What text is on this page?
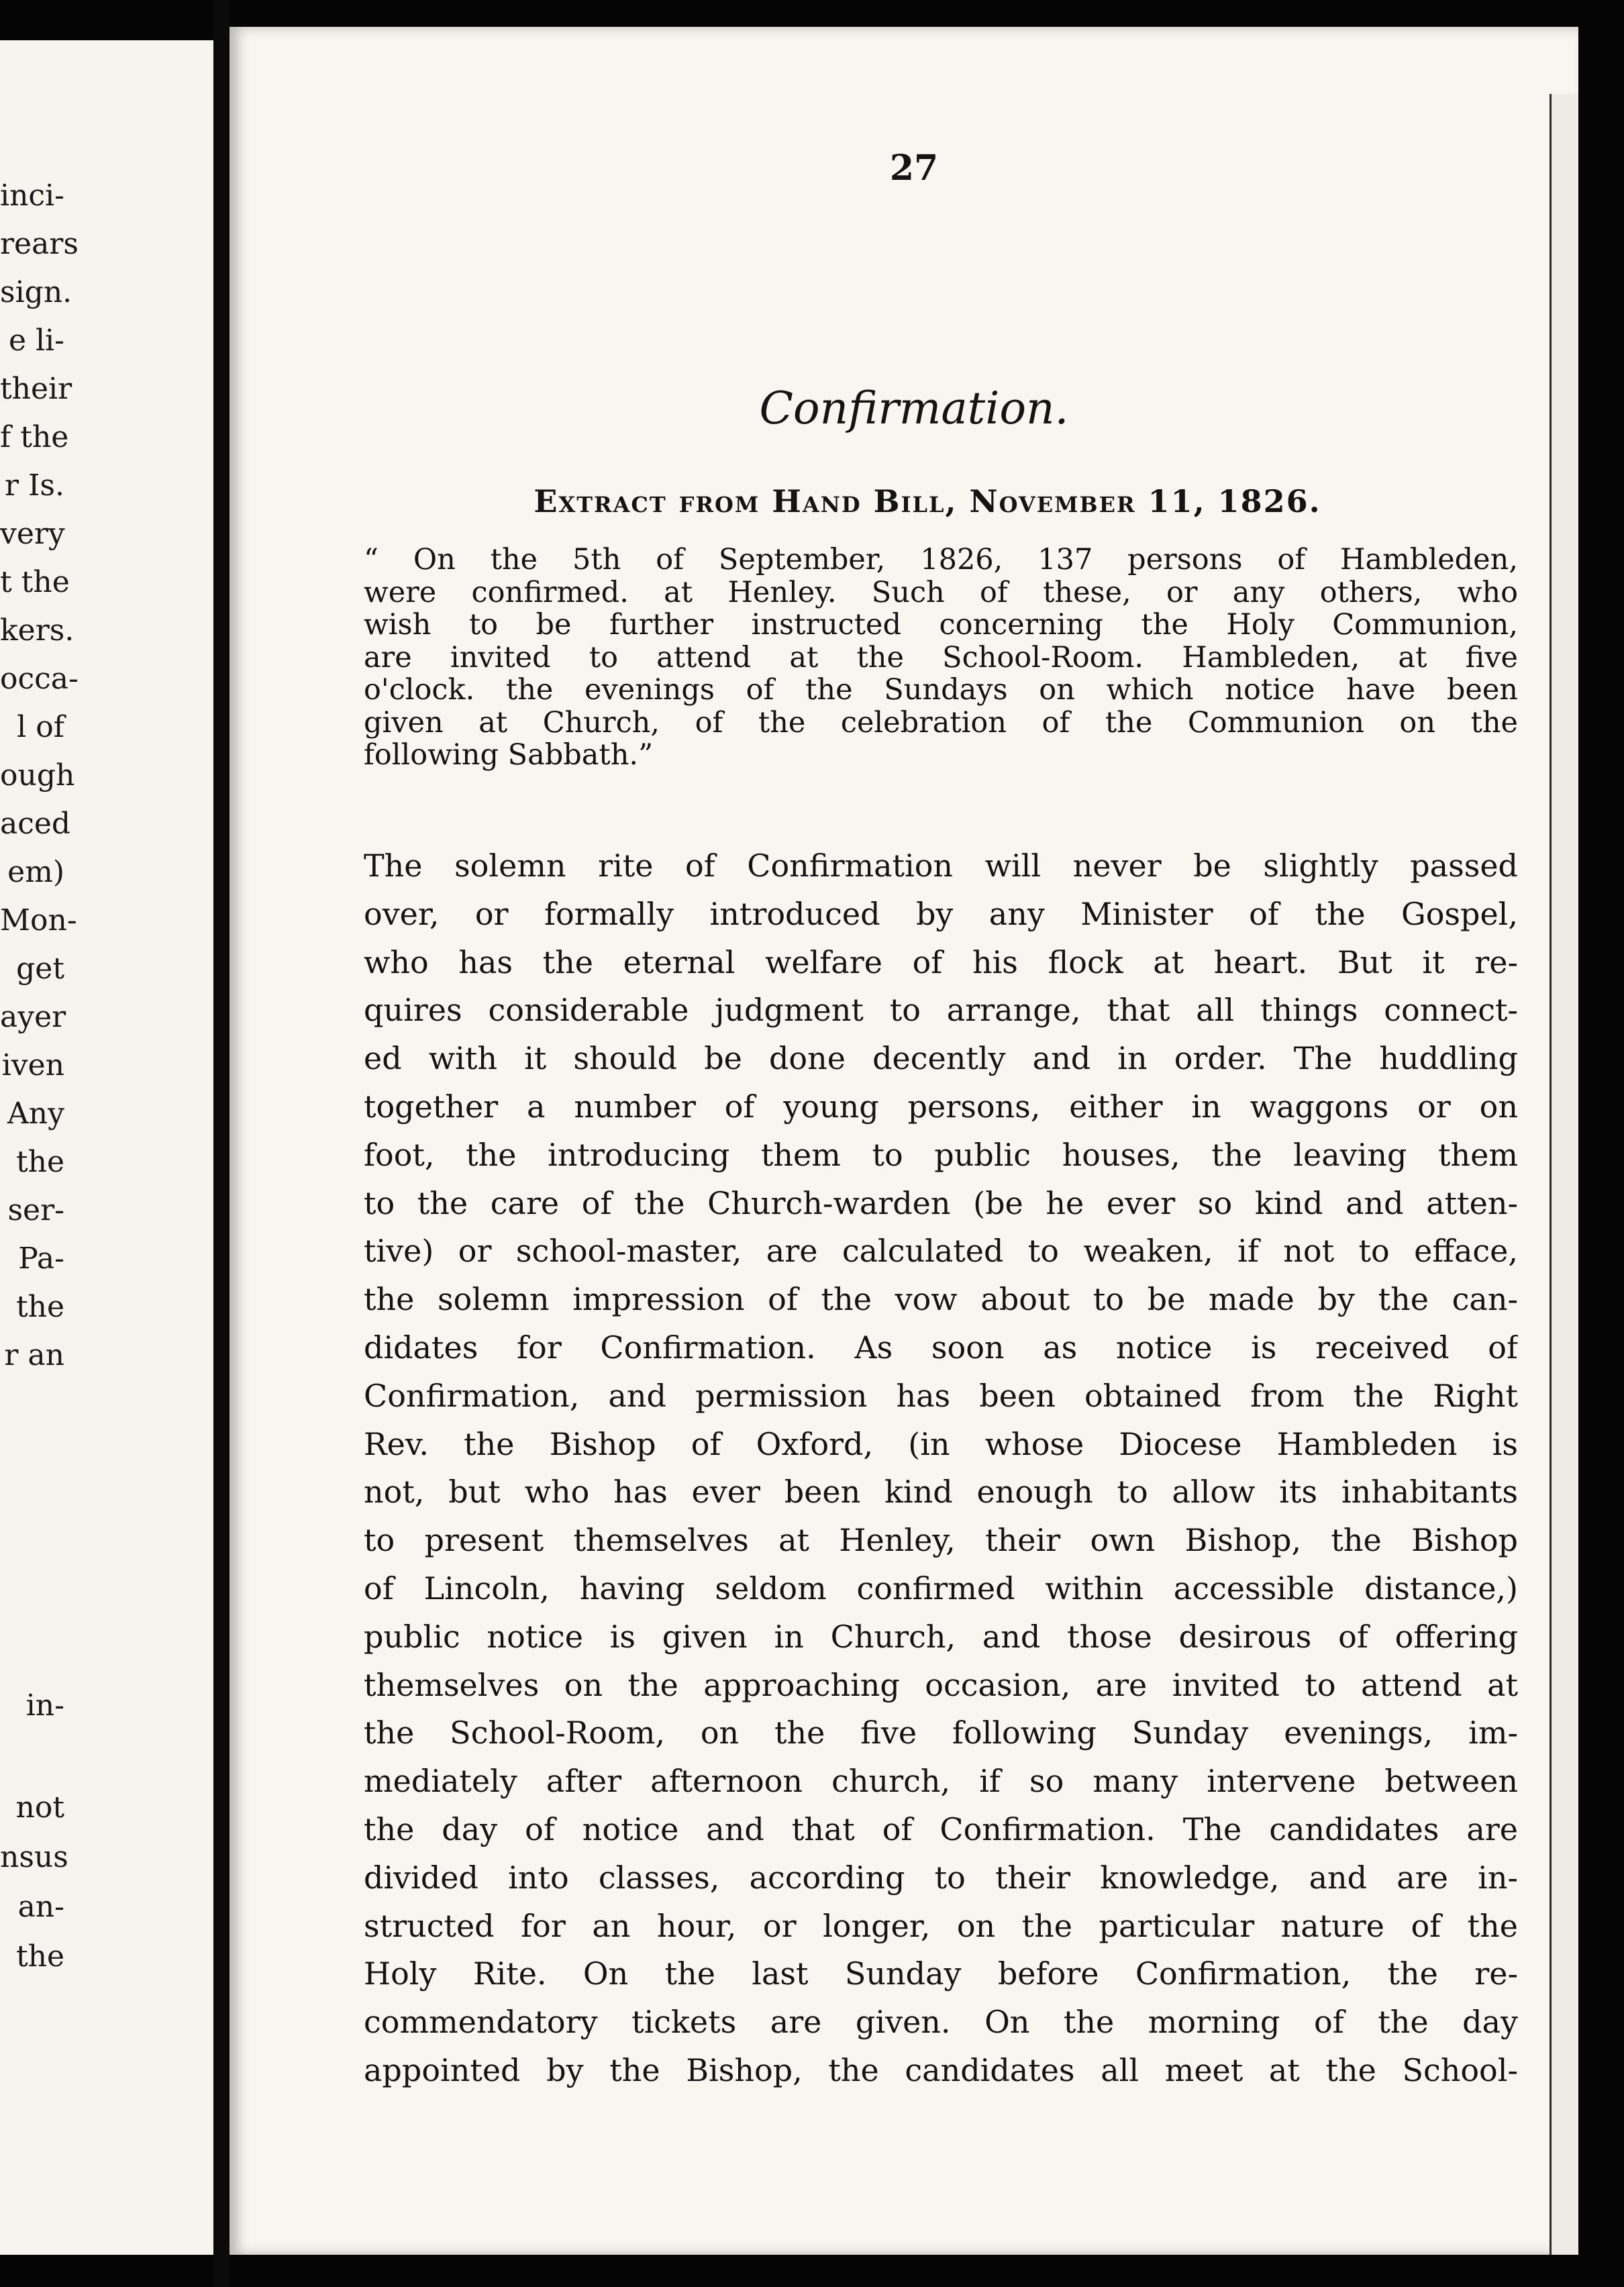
inci-
rears
sign.
e li-
their
f the
r Is.
very
t the
kers.
occa-
l of
ough
aced
em)
Mon-
get
ayer
iven
Any
the
ser-
Pa-
the
r an
in-
not
nsus
an-
the
27
Confirmation.
Extract from Hand Bill, November 11, 1826.
“ On the 5th of September, 1826, 137 persons of Hambleden,
were confirmed. at Henley. Such of these, or any others, who
wish to be further instructed concerning the Holy Communion,
are invited to attend at the School-Room. Hambleden, at five
o'clock. the evenings of the Sundays on which notice have been
given at Church, of the celebration of the Communion on the
following Sabbath.”
The solemn rite of Confirmation will never be slightly passed
over, or formally introduced by any Minister of the Gospel,
who has the eternal welfare of his flock at heart. But it re-
quires considerable judgment to arrange, that all things connect-
ed with it should be done decently and in order. The huddling
together a number of young persons, either in waggons or on
foot, the introducing them to public houses, the leaving them
to the care of the Church-warden (be he ever so kind and atten-
tive) or school-master, are calculated to weaken, if not to efface,
the solemn impression of the vow about to be made by the can-
didates for Confirmation. As soon as notice is received of
Confirmation, and permission has been obtained from the Right
Rev. the Bishop of Oxford, (in whose Diocese Hambleden is
not, but who has ever been kind enough to allow its inhabitants
to present themselves at Henley, their own Bishop, the Bishop
of Lincoln, having seldom confirmed within accessible distance,)
public notice is given in Church, and those desirous of offering
themselves on the approaching occasion, are invited to attend at
the School-Room, on the five following Sunday evenings, im-
mediately after afternoon church, if so many intervene between
the day of notice and that of Confirmation. The candidates are
divided into classes, according to their knowledge, and are in-
structed for an hour, or longer, on the particular nature of the
Holy Rite. On the last Sunday before Confirmation, the re-
commendatory tickets are given. On the morning of the day
appointed by the Bishop, the candidates all meet at the School-
